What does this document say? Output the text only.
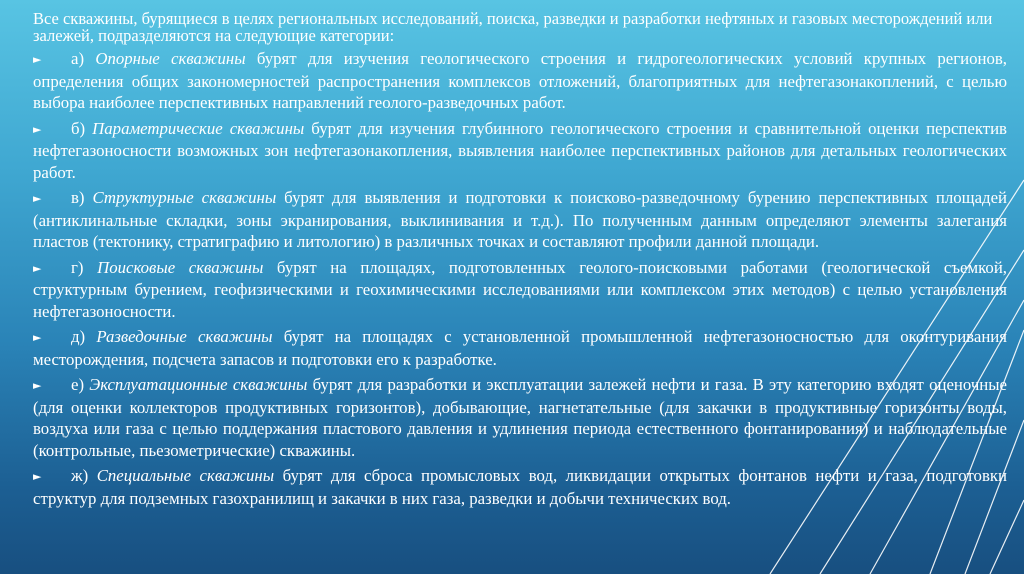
Все скважины, бурящиеся в целях региональных исследований, поиска, разведки и разработки нефтяных и газовых месторождений или залежей, подразделяются на следующие категории:

► а) Опорные скважины бурят для изучения геологического строения и гидрогеологических условий крупных регионов, определения общих закономерностей распространения комплексов отложений, благоприятных для нефтегазонакоплений, с целью выбора наиболее перспективных направлений геолого-разведочных работ.

► б) Параметрические скважины бурят для изучения глубинного геологического строения и сравнительной оценки перспектив нефтегазоносности возможных зон нефтегазонакопления, выявления наиболее перспективных районов для детальных геологических работ.

► в) Структурные скважины бурят для выявления и подготовки к поисково-разведочному бурению перспективных площадей (антиклинальные складки, зоны экранирования, выклинивания и т.д.). По полученным данным определяют элементы залегания пластов (тектонику, стратиграфию и литологию) в различных точках и составляют профили данной площади.

► г) Поисковые скважины бурят на площадях, подготовленных геолого-поисковыми работами (геологической съемкой, структурным бурением, геофизическими и геохимическими исследованиями или комплексом этих методов) с целью установления нефтегазоносности.

► д) Разведочные скважины бурят на площадях с установленной промышленной нефтегазоносностью для оконтуривания месторождения, подсчета запасов и подготовки его к разработке.

► е) Эксплуатационные скважины бурят для разработки и эксплуатации залежей нефти и газа. В эту категорию входят оценочные (для оценки коллекторов продуктивных горизонтов), добывающие, нагнетательные (для закачки в продуктивные горизонты воды, воздуха или газа с целью поддержания пластового давления и удлинения периода естественного фонтанирования) и наблюдательные (контрольные, пьезометрические) скважины.

► ж) Специальные скважины бурят для сброса промысловых вод, ликвидации открытых фонтанов нефти и газа, подготовки структур для подземных газохранилищ и закачки в них газа, разведки и добычи технических вод.
